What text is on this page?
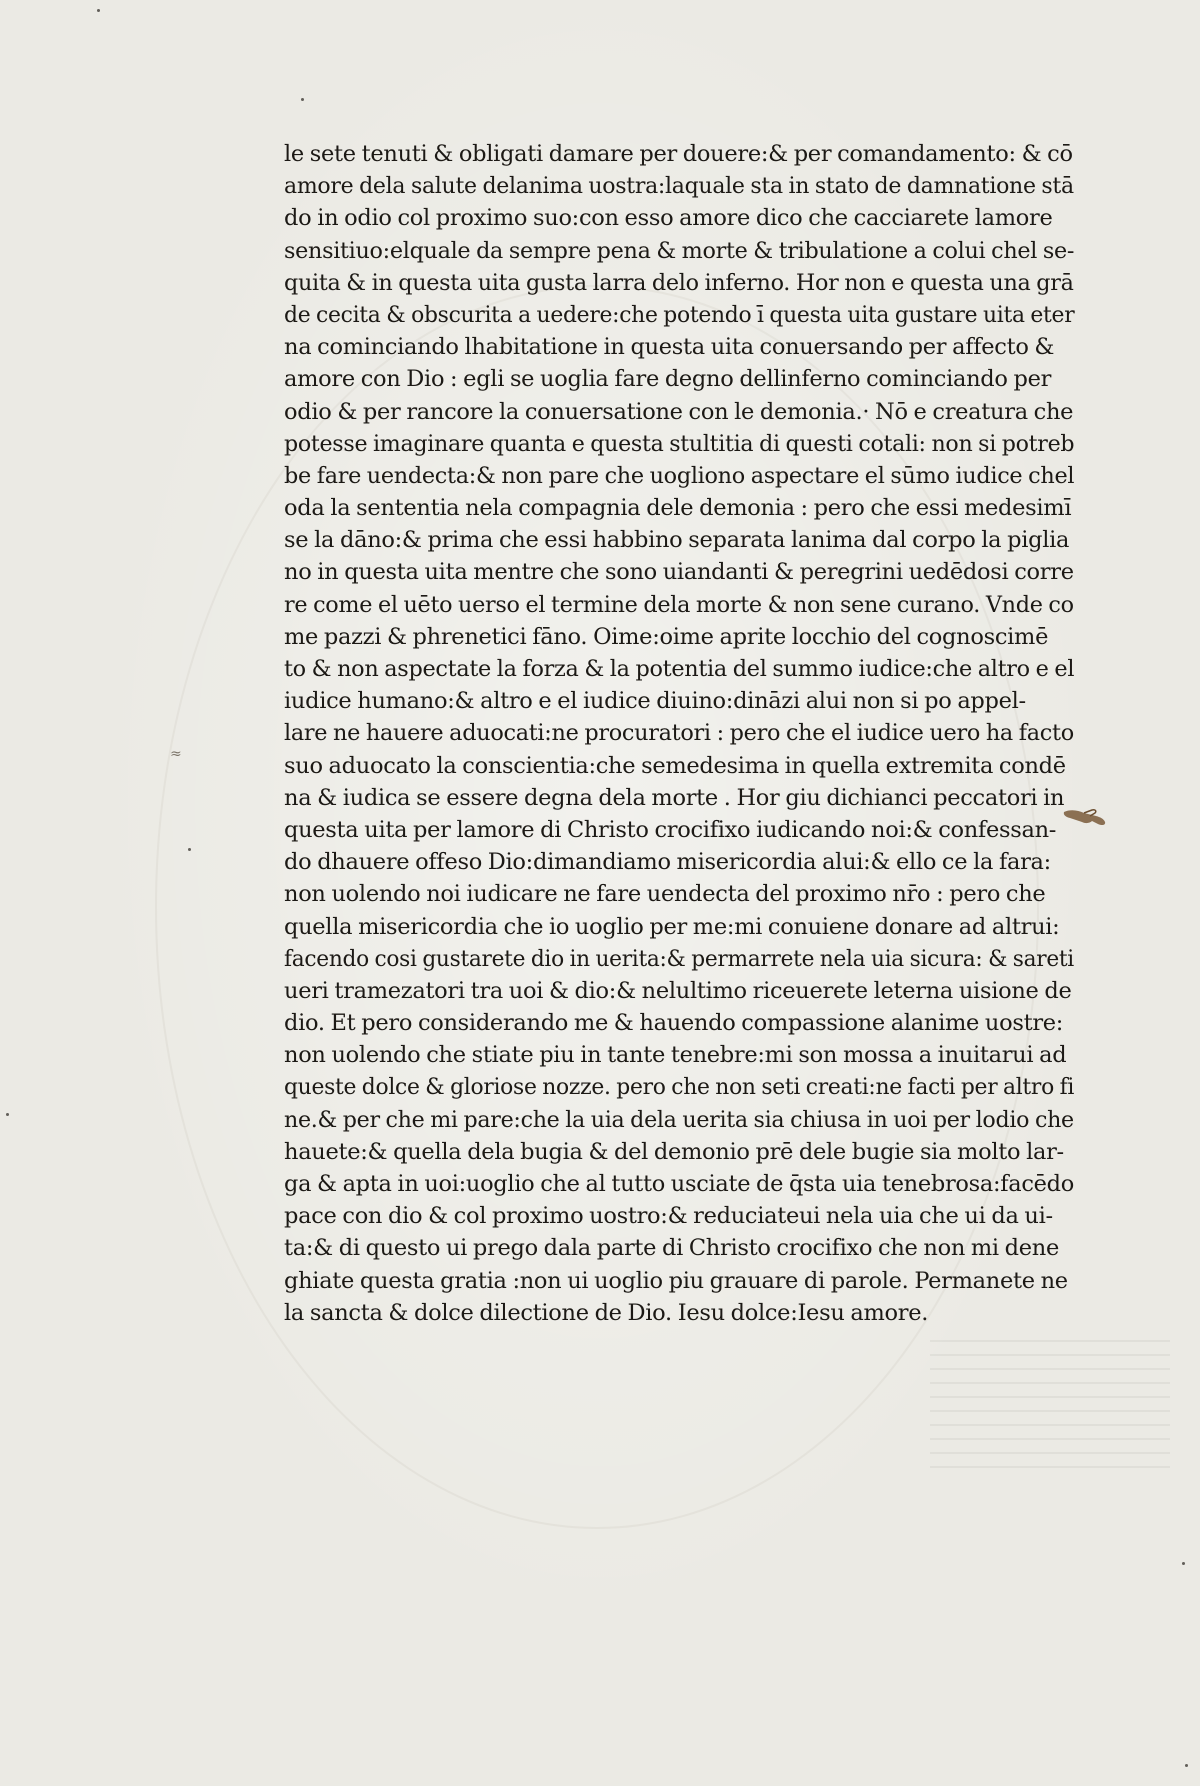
≈
le sete tenuti & obligati damare per douere:& per comandamento: & cō
amore dela salute delanima uostra:laquale sta in stato de damnatione stā
do in odio col proximo suo:con esso amore dico che cacciarete lamore
sensitiuo:elquale da sempre pena & morte & tribulatione a colui chel se-
quita & in questa uita gusta larra delo inferno. Hor non e questa una grā
de cecita & obscurita a uedere:che potendo ī questa uita gustare uita eter
na cominciando lhabitatione in questa uita conuersando per affecto &
amore con Dio : egli se uoglia fare degno dellinferno cominciando per
odio & per rancore la conuersatione con le demonia.· Nō e creatura che
potesse imaginare quanta e questa stultitia di questi cotali: non si potreb
be fare uendecta:& non pare che uogliono aspectare el sūmo iudice chel
oda la sententia nela compagnia dele demonia : pero che essi medesimī
se la dāno:& prima che essi habbino separata lanima dal corpo la piglia
no in questa uita mentre che sono uiandanti & peregrini uedēdosi corre
re come el uēto uerso el termine dela morte & non sene curano. Vnde co
me pazzi & phrenetici fāno. Oime:oime aprite locchio del cognoscimē
to & non aspectate la forza & la potentia del summo iudice:che altro e el
iudice humano:& altro e el iudice diuino:dināzi alui non si po appel-
lare ne hauere aduocati:ne procuratori : pero che el iudice uero ha facto
suo aduocato la conscientia:che semedesima in quella extremita condē
na & iudica se essere degna dela morte . Hor giu dichianci peccatori in
questa uita per lamore di Christo crocifixo iudicando noi:& confessan-
do dhauere offeso Dio:dimandiamo misericordia alui:& ello ce la fara:
non uolendo noi iudicare ne fare uendecta del proximo nr̄o : pero che
quella misericordia che io uoglio per me:mi conuiene donare ad altrui:
facendo cosi gustarete dio in uerita:& permarrete nela uia sicura: & sareti
ueri tramezatori tra uoi & dio:& nelultimo riceuerete leterna uisione de
dio. Et pero considerando me & hauendo compassione alanime uostre:
non uolendo che stiate piu in tante tenebre:mi son mossa a inuitarui ad
queste dolce & gloriose nozze. pero che non seti creati:ne facti per altro fi
ne.& per che mi pare:che la uia dela uerita sia chiusa in uoi per lodio che
hauete:& quella dela bugia & del demonio prē dele bugie sia molto lar-
ga & apta in uoi:uoglio che al tutto usciate de q̄sta uia tenebrosa:facēdo
pace con dio & col proximo uostro:& reduciateui nela uia che ui da ui-
ta:& di questo ui prego dala parte di Christo crocifixo che non mi dene
ghiate questa gratia :non ui uoglio piu grauare di parole. Permanete ne
la sancta & dolce dilectione de Dio. Iesu dolce:Iesu amore.
